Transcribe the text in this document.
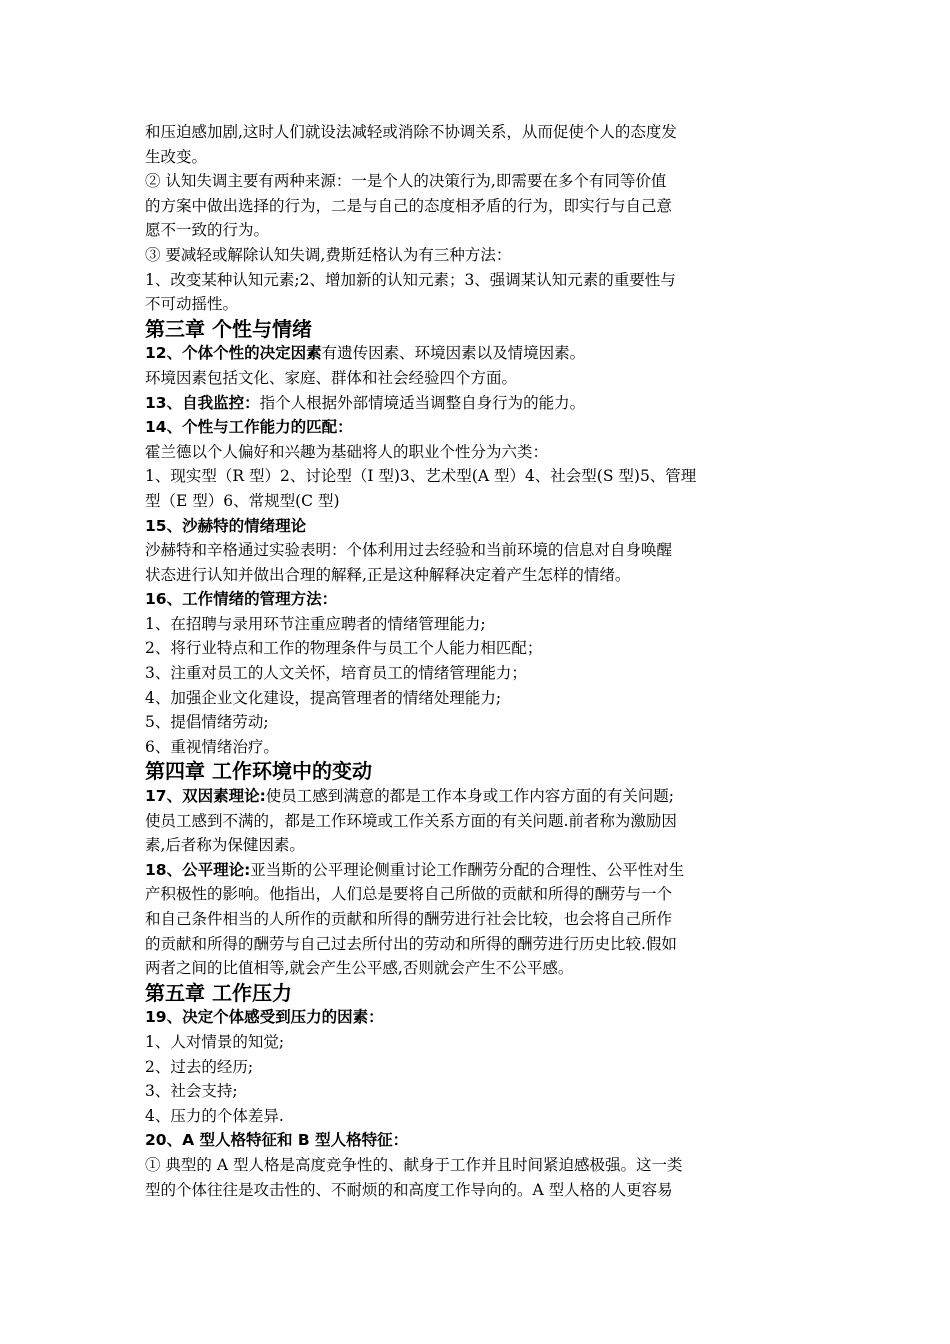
和压迫感加剧,这时人们就设法减轻或消除不协调关系，从而促使个人的态度发

生改变。

② 认知失调主要有两种来源：一是个人的决策行为,即需要在多个有同等价值

的方案中做出选择的行为，二是与自己的态度相矛盾的行为，即实行与自己意

愿不一致的行为。

③ 要减轻或解除认知失调,费斯廷格认为有三种方法：

1、改变某种认知元素;2、增加新的认知元素；3、强调某认知元素的重要性与

不可动摇性。

第三章 个性与情绪

12、个体个性的决定因素有遗传因素、环境因素以及情境因素。

环境因素包括文化、家庭、群体和社会经验四个方面。

13、自我监控：指个人根据外部情境适当调整自身行为的能力。

14、个性与工作能力的匹配：

霍兰德以个人偏好和兴趣为基础将人的职业个性分为六类：

1、现实型（R 型）2、讨论型（I 型)3、艺术型(A 型）4、社会型(S 型)5、管理

型（E 型）6、常规型(C 型)

15、沙赫特的情绪理论

沙赫特和辛格通过实验表明：个体利用过去经验和当前环境的信息对自身唤醒

状态进行认知并做出合理的解释,正是这种解释决定着产生怎样的情绪。

16、工作情绪的管理方法：

1、在招聘与录用环节注重应聘者的情绪管理能力;

2、将行业特点和工作的物理条件与员工个人能力相匹配；

3、注重对员工的人文关怀，培育员工的情绪管理能力；

4、加强企业文化建设，提高管理者的情绪处理能力;

5、提倡情绪劳动;

6、重视情绪治疗。

第四章 工作环境中的变动

17、双因素理论:使员工感到满意的都是工作本身或工作内容方面的有关问题;

使员工感到不满的，都是工作环境或工作关系方面的有关问题.前者称为激励因

素,后者称为保健因素。

18、公平理论:亚当斯的公平理论侧重讨论工作酬劳分配的合理性、公平性对生

产积极性的影响。他指出，人们总是要将自己所做的贡献和所得的酬劳与一个

和自己条件相当的人所作的贡献和所得的酬劳进行社会比较，也会将自己所作

的贡献和所得的酬劳与自己过去所付出的劳动和所得的酬劳进行历史比较.假如

两者之间的比值相等,就会产生公平感,否则就会产生不公平感。

第五章 工作压力

19、决定个体感受到压力的因素：

1、人对情景的知觉;

2、过去的经历;

3、社会支持;

4、压力的个体差异.

20、A 型人格特征和 B 型人格特征：

① 典型的 A 型人格是高度竞争性的、献身于工作并且时间紧迫感极强。这一类

型的个体往往是攻击性的、不耐烦的和高度工作导向的。A 型人格的人更容易
